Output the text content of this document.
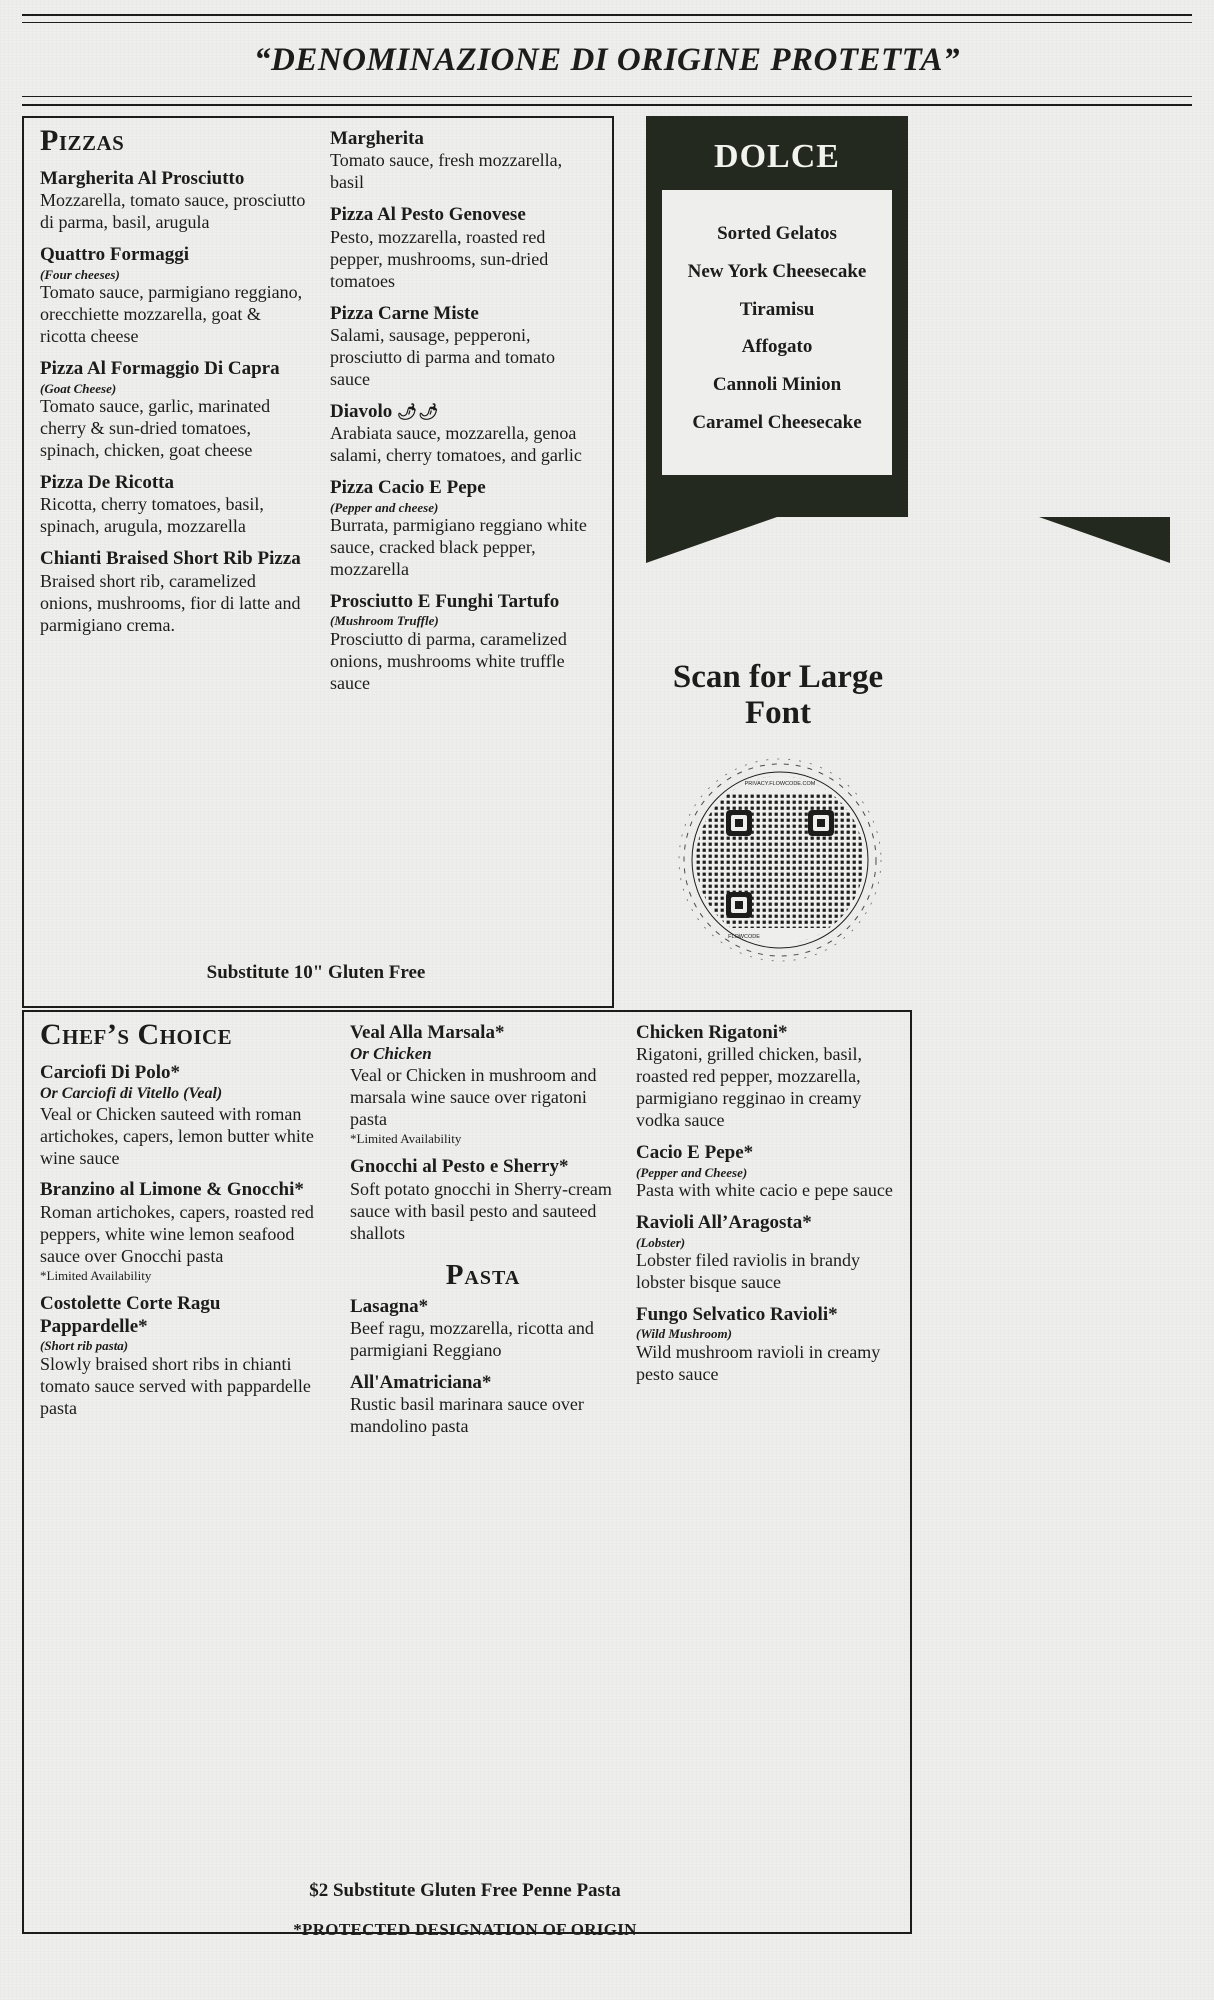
“DENOMINAZIONE DI ORIGINE PROTETTA”
Pizzas
Margherita Al Prosciutto
Mozzarella, tomato sauce, prosciutto di parma, basil, arugula
Quattro Formaggi
(Four cheeses)
Tomato sauce, parmigiano reggiano, orecchiette mozzarella, goat & ricotta cheese
Pizza Al Formaggio Di Capra
(Goat Cheese)
Tomato sauce, garlic, marinated cherry & sun-dried tomatoes, spinach, chicken, goat cheese
Pizza De Ricotta
Ricotta, cherry tomatoes, basil, spinach, arugula, mozzarella
Chianti Braised Short Rib Pizza
Braised short rib, caramelized onions, mushrooms, fior di latte and parmigiano crema.
Margherita
Tomato sauce, fresh mozzarella, basil
Pizza Al Pesto Genovese
Pesto, mozzarella, roasted red pepper, mushrooms, sun-dried tomatoes
Pizza Carne Miste
Salami, sausage, pepperoni, prosciutto di parma and tomato sauce
Diavolo 🌶🌶
Arabiata sauce, mozzarella, genoa salami, cherry tomatoes, and garlic
Pizza Cacio E Pepe
(Pepper and cheese)
Burrata, parmigiano reggiano white sauce, cracked black pepper, mozzarella
Prosciutto E Funghi Tartufo
(Mushroom Truffle)
Prosciutto di parma, caramelized onions, mushrooms white truffle sauce
Substitute 10" Gluten Free
DOLCE
Sorted Gelatos
New York Cheesecake
Tiramisu
Affogato
Cannoli Minion
Caramel Cheesecake
Scan for Large Font
PRIVACY.FLOWCODE.COM
FLOWCODE
Chef’s Choice
Carciofi Di Polo*
Or Carciofi di Vitello (Veal)
Veal or Chicken sauteed with roman artichokes, capers, lemon butter white wine sauce
Branzino al Limone & Gnocchi*
Roman artichokes, capers, roasted red peppers, white wine lemon seafood sauce over Gnocchi pasta
*Limited Availability
Costolette Corte Ragu Pappardelle*
(Short rib pasta)
Slowly braised short ribs in chianti tomato sauce served with pappardelle pasta
Veal Alla Marsala*
Or Chicken
Veal or Chicken in mushroom and marsala wine sauce over rigatoni pasta
*Limited Availability
Gnocchi al Pesto e Sherry*
Soft potato gnocchi in Sherry-cream sauce with basil pesto and sauteed shallots
Pasta
Lasagna*
Beef ragu, mozzarella, ricotta and parmigiani Reggiano
All'Amatriciana*
Rustic basil marinara sauce over mandolino pasta
Chicken Rigatoni*
Rigatoni, grilled chicken, basil, roasted red pepper, mozzarella, parmigiano regginao in creamy vodka sauce
Cacio E Pepe*
(Pepper and Cheese)
Pasta with white cacio e pepe sauce
Ravioli All’Aragosta*
(Lobster)
Lobster filed raviolis in brandy lobster bisque sauce
Fungo Selvatico Ravioli*
(Wild Mushroom)
Wild mushroom ravioli in creamy pesto sauce
$2 Substitute Gluten Free Penne Pasta
*PROTECTED DESIGNATION OF ORIGIN
